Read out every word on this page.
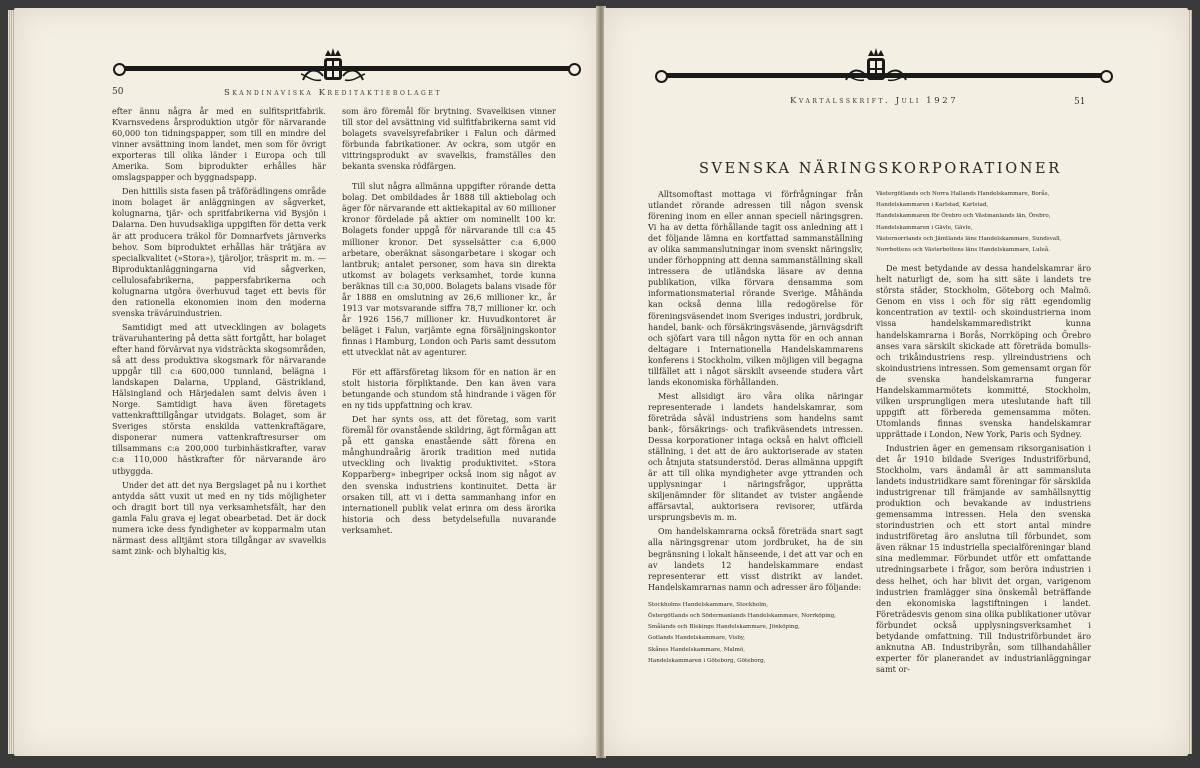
50	Skandinaviska Kreditaktiebolaget

efter ännu några år med en sulfitspritfabrik. Kvarnsvedens årsproduktion utgör för närvarande 60,000 ton tidningspapper, som till en mindre del vinner avsättning inom landet, men som för övrigt exporteras till olika länder i Europa och till Amerika. Som biprodukter erhålles här omslagspapper och byggnadspapp.

Den hittills sista fasen på träförädlingens område inom bolaget är anläggningen av sågverket, kolugnarna, tjär- och spritfabrikerna vid Bysjön i Dalarna. Den huvudsakliga uppgiften för detta verk är att producera träkol för Domnarfvets järnverks behov. Som biproduktet erhållas här trätjära av specialkvalitet (»Stora»), tjäroljor, träsprit m. m. — Biproduktanläggningarna vid sågverken, cellulosafabrikerna, pappersfabrikerna och kolugnarna utgöra överhuvud taget ett bevis för den rationella ekonomien inom den moderna svenska träváruindustrien.

Samtidigt med att utvecklingen av bolagets trävaruhantering på detta sätt fortgått, har bolaget efter hand förvärvat nya vidsträckta skogsområden, så att dess produktiva skogsmark för närvarande uppgår till c:a 600,000 tunnland, belägna i landskapen Dalarna, Uppland, Gästrikland, Hälsingland och Härjedalen samt delvis även i Norge. Samtidigt hava även företagets vattenkrafttillgångar utvidgats. Bolaget, som är Sveriges största enskilda vattenkraftägare, disponerar numera vattenkraftresurser om tillsammans c:a 200,000 turbinhästkrafter, varav c:a 110,000 hästkrafter för närvarande äro utbyggda.

Under det att det nya Bergslaget på nu i korthet antydda sätt vuxit ut med en ny tids möjligheter och dragit bort till nya verksamhetsfält, har den gamla Falu grava ej legat obearbetad. Det är dock numera icke dess fyndigheter av kopparmalm utan närmast dess alltjämt stora tillgångar av svavelkis samt zink- och blyhaltig kis,

som äro föremål för brytning. Svavelkisen vinner till stor del avsättning vid sulfitfabrikerna samt vid bolagets svavelsyrefabriker i Falun och därmed förbunda fabrikationer. Av ockra, som utgör en vittringsprodukt av svavelkis, framställes den bekanta svenska rödfärgen.

Till slut några allmänna uppgifter rörande detta bolag. Det ombildades år 1888 till aktiebolag och äger för närvarande ett aktiekapital av 60 millioner kronor fördelade på aktier om nominellt 100 kr. Bolagets fonder uppgå för närvarande till c:a 45 millioner kronor. Det sysselsätter c:a 6,000 arbetare, oberäknat säsongarbetare i skogar och lantbruk; antalet personer, som hava sin direkta utkomst av bolagets verksamhet, torde kunna beräknas till c:a 30,000. Bolagets balans visade för år 1888 en omslutning av 26,6 millioner kr., år 1913 var motsvarande siffra 78,7 millioner kr. och år 1926 156,7 millioner kr. Huvudkontoret är beläget i Falun, varjämte egna försäljningskontor finnas i Hamburg, London och Paris samt dessutom ett utvecklat nät av agenturer.

För ett affärsföretag liksom för en nation är en stolt historia förpliktande. Den kan även vara betungande och stundom stå hindrande i vägen för en ny tids uppfattning och krav.

Det har synts oss, att det företag, som varit föremål för ovanstående skildring, ägt förmågan att på ett ganska enastående sätt förena en månghundraårig ärorik tradition med nutida utveckling och livaktig produktivitet. »Stora Kopparberg» inbegriper också inom sig något av den svenska industriens kontinuitet. Detta är orsaken till, att vi i detta sammanhang infor en internationell publik velat erinra om dess ärorika historia och dess betydelsefulla nuvarande verksamhet.

Kvartalsskrift. Juli 1927	51
SVENSKA NÄRINGSKORPORATIONER

Alltsomoftast mottaga vi förfrågningar från utlandet rörande adressen till någon svensk förening inom en eller annan speciell näringsgren. Vi ha av detta förhållande tagit oss anledning att i det följande lämna en kortfattad sammanställning av olika sammanslutningar inom svenskt näringsliv, under förhoppning att denna sammanställning skall intressera de utländska läsare av denna publikation, vilka förvara densamma som informationsmaterial rörande Sverige. Måhända kan också denna lilla redogörelse för föreningsväsendet inom Sveriges industri, jordbruk, handel, bank- och försäkringsväsende, järnvägsdrift och sjöfart vara till någon nytta för en och annan deltagare i Internationella Handelskammarens konferens i Stockholm, vilken möjligen vill begagna tillfället att i något särskilt avseende studera vårt lands ekonomiska förhållanden.

Mest allsidigt äro våra olika näringar representerade i landets handelskamrar, som företräda såväl industriens som handelns samt bank-, försäkrings- och trafikväsendets intressen. Dessa korporationer intaga också en halvt officiell ställning, i det att de äro auktoriserade av staten och åtnjuta statsunderstöd. Deras allmänna uppgift är att till olika myndigheter avge yttranden och upplysningar i näringsfrågor, upprätta skiljenämnder för slitandet av tvister angående affärsavtal, auktorisera revisorer, utfärda ursprungsbevis m. m.

Om handelskamrarna också företräda snart sagt alla näringsgrenar utom jordbruket, ha de sin begränsning i lokalt hänseende, i det att var och en av landets 12 handelskammare endast representerar ett visst distrikt av landet. Handelskamrarnas namn och adresser äro följande:

Stockholms Handelskammare, Stockholm,
Östergötlands och Södermanlands Handelskammare, Norrköping,
Smålands och Blekinge Handelskammare, Jönköping,
Gotlands Handelskammare, Visby,
Skånes Handelskammare, Malmö,
Handelskammaren i Göteborg, Göteborg,
Västergötlands och Norra Hallands Handelskammare, Borås,
Handelskammaren i Karlstad, Karlstad,
Handelskammaren för Örebro och Västmanlands län, Örebro,
Handelskammaren i Gävle, Gävle,
Västernorrlands och Jämtlands läns Handelskammare, Sundsvall,
Norrbottens och Västerbottens läns Handelskammare, Luleå.

De mest betydande av dessa handelskamrar äro helt naturligt de, som ha sitt säte i landets tre största städer, Stockholm, Göteborg och Malmö. Genom en viss i och för sig rätt egendomlig koncentration av textil- och skoindustrierna inom vissa handelskammaredistrikt kunna handelskamrarna i Borås, Norrköping och Örebro anses vara särskilt skickade att företräda bomulls- och trikåindustriens resp. yllreindustriens och skoindustriens intressen. Som gemensamt organ för de svenska handelskamrarna fungerar Handelskammarmötets kommitté, Stockholm, vilken ursprungligen mera uteslutande haft till uppgift att förbereda gemensamma möten. Utomlands finnas svenska handelskamrar upprättade i London, New York, Paris och Sydney.

Industrien äger en gemensam riksorganisation i det år 1910 bildade Sveriges Industriförbund, Stockholm, vars ändamål är att sammansluta landets industriidkare samt föreningar för särskilda industrigrenar till främjande av samhällsnyttig produktion och bevakande av industriens gemensamma intressen. Hela den svenska storindustrien och ett stort antal mindre industriföretag äro anslutna till förbundet, som även räknar 15 industriella specialföreningar bland sina medlemmar. Förbundet utför ett omfattande utredningsarbete i frågor, som beröra industrien i dess helhet, och har blivit det organ, varigenom industrien framlägger sina önskemål beträffande den ekonomiska lagstiftningen i landet. Företrädesvis genom sina olika publikationer utövar förbundet också upplysningsverksamhet i betydande omfattning. Till Industriförbundet äro anknutna AB. Industribyrån, som tillhandahåller experter för planerandet av industrianläggningar samt or-
